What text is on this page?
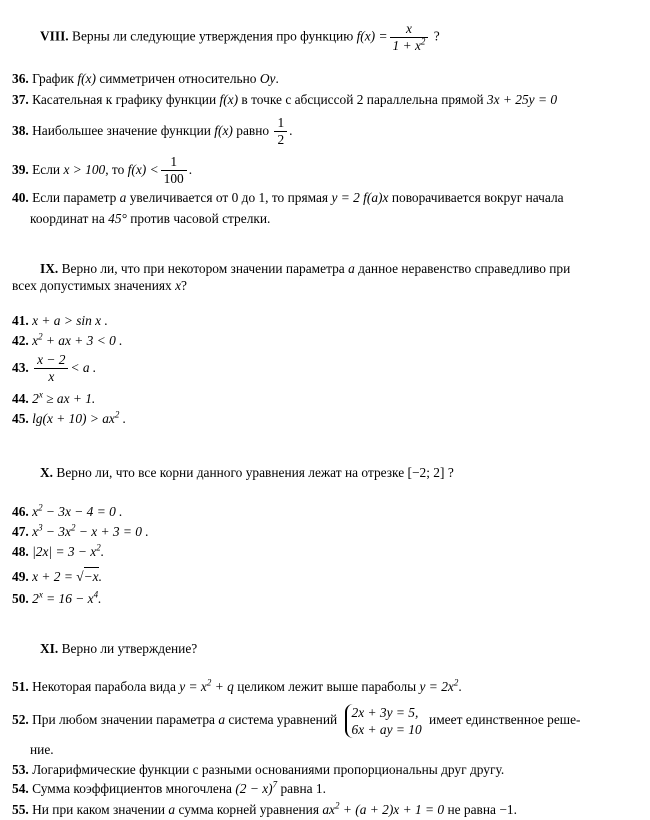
VIII. Верны ли следующие утверждения про функцию $f(x) = \frac{x}{1 + x^2}$ ?
36. График f(x) симметричен относительно Oy.
37. Касательная к графику функции f(x) в точке с абсциссой 2 параллельна прямой 3x + 25y = 0
38. Наибольшее значение функции f(x) равно $\frac{1}{2}$ .
39. Если x > 100, то $f(x) < \frac{1}{100}$ .
40. Если параметр a увеличивается от 0 до 1, то прямая y = 2 f(a)x поворачивается вокруг начала
координат на 45° против часовой стрелки.
IX. Верно ли, что при некотором значении параметра a данное неравенство справедливо при
всех допустимых значениях x?
41. x + a > sin x .
42. $x^2$ + ax + 3 < 0 .
43. $\frac{x - 2}{x} < a$ .
44. $2^x$ ≥ ax + 1.
45. $\lg(x + 10) > ax^2$ .
X. Верно ли, что все корни данного уравнения лежат на отрезке [−2; 2] ?
46. $x^2 - 3x - 4 = 0$ .
47. $x^3 - 3x^2 - x + 3 = 0$ .
48. $|2x| = 3 - x^2$.
49. x + 2 = √−x.
50. $2^x = 16 - x^4$.
XI. Верно ли утверждение?
51. Некоторая парабола вида $y = x^2 + q$ целиком лежит выше параболы $y = 2x^2$.
52. При любом значении параметра a система уравнений 2x + 3y = 5,
6x + ay = 10
имеет единственное реше-
ние.
53. Логарифмические функции с разными основаниями пропорциональны друг другу.
54. Сумма коэффициентов многочлена $(2 - x)^7$ равна 1.
55. Ни при каком значении a сумма корней уравнения $ax^2 + (a + 2)x + 1 = 0$ не равна −1.
